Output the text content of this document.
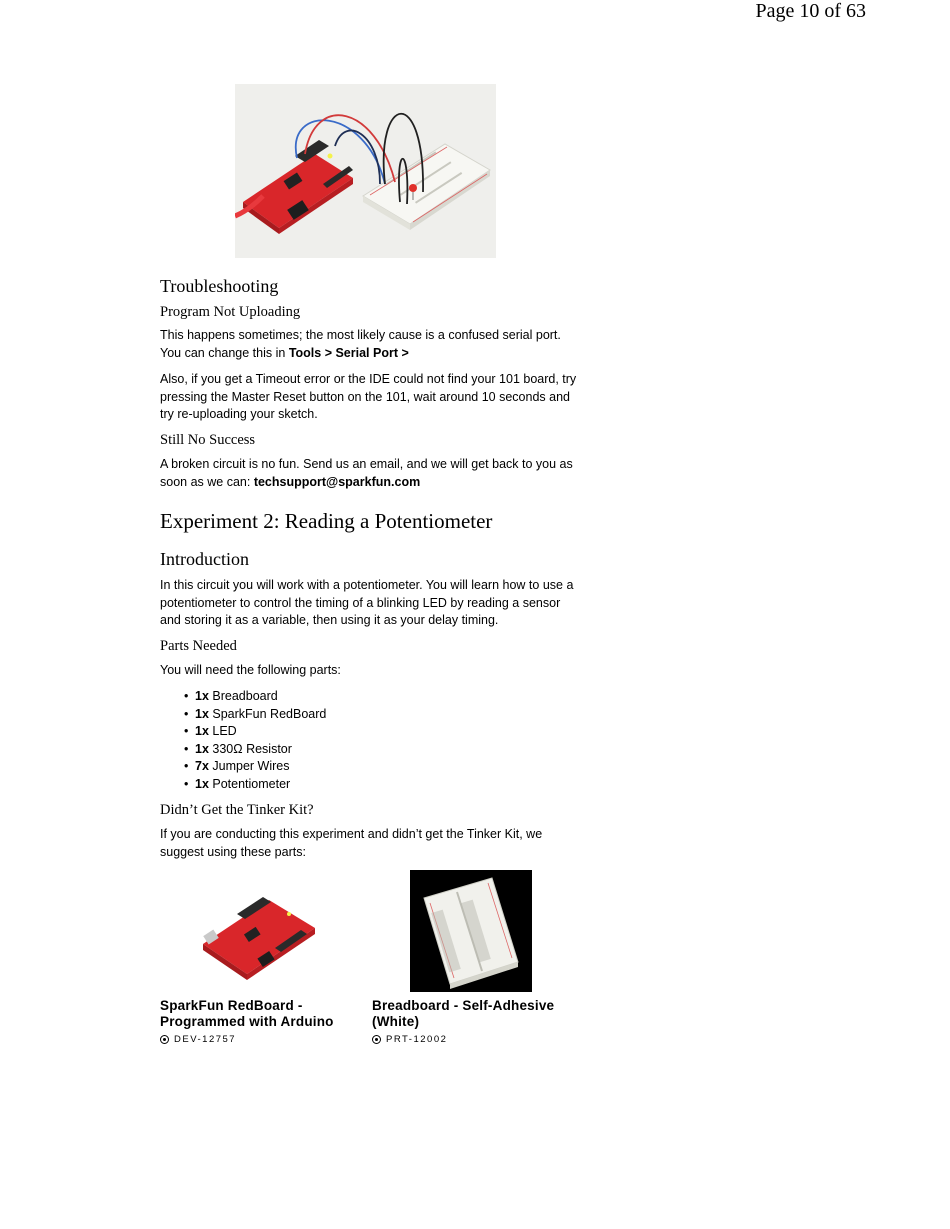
Page 10 of 63
Troubleshooting
Program Not Uploading

This happens sometimes; the most likely cause is a confused serial port. You can change this in Tools > Serial Port >

Also, if you get a Timeout error or the IDE could not find your 101 board, try pressing the Master Reset button on the 101, wait around 10 seconds and try re-uploading your sketch.

Still No Success

A broken circuit is no fun. Send us an email, and we will get back to you as soon as we can: techsupport@sparkfun.com

Experiment 2: Reading a Potentiometer
Introduction

In this circuit you will work with a potentiometer. You will learn how to use a potentiometer to control the timing of a blinking LED by reading a sensor and storing it as a variable, then using it as your delay timing.

Parts Needed

You will need the following parts:

• 1x Breadboard
• 1x SparkFun RedBoard
• 1x LED
• 1x 330Ω Resistor
• 7x Jumper Wires
• 1x Potentiometer
Didn’t Get the Tinker Kit?

If you are conducting this experiment and didn’t get the Tinker Kit, we suggest using these parts:

SparkFun RedBoard - Programmed with Arduino
DEV-12757
Breadboard - Self-Adhesive (White)
PRT-12002
